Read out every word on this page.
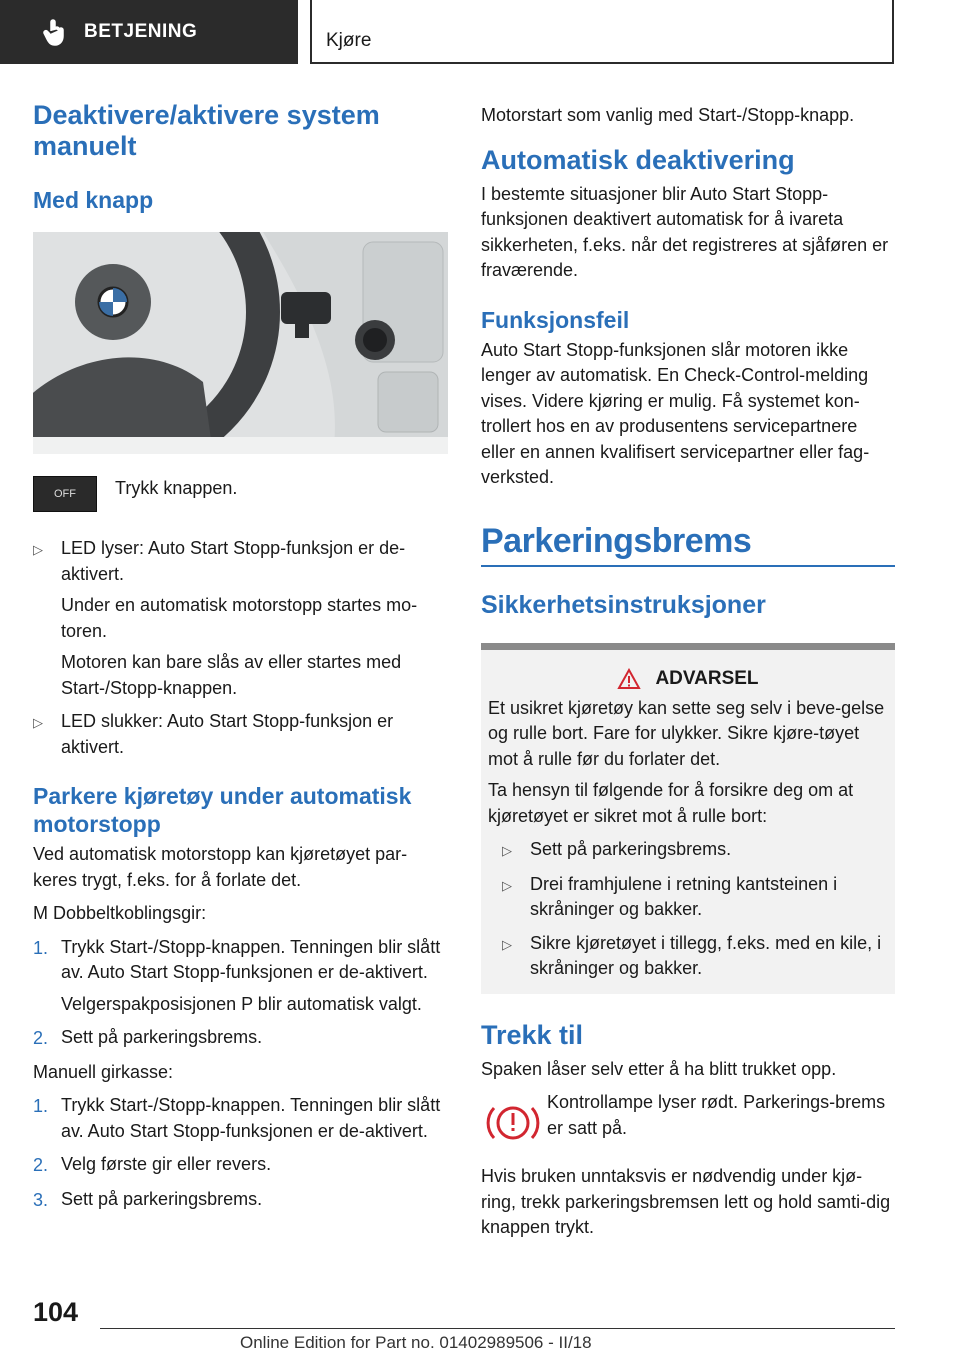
BETJENING	Kjøre
Deaktivere/aktivere system manuelt
Med knapp
OFF Trykk knappen.

▷	LED lyser: Auto Start Stopp-funksjon er de-aktivert.

Under en automatisk motorstopp startes mo-toren.

Motoren kan bare slås av eller startes med Start-/Stopp-knappen.

▷	LED slukker: Auto Start Stopp-funksjon er aktivert.
Parkere kjøretøy under automatisk motorstopp

Ved automatisk motorstopp kan kjøretøyet par-keres trygt, f.eks. for å forlate det.

M Dobbeltkoblingsgir:

1. Trykk Start-/Stopp-knappen. Tenningen blir slått av. Auto Start Stopp-funksjonen er de-aktivert.

Velgerspakposisjonen P blir automatisk valgt.

2. Sett på parkeringsbrems.

Manuell girkasse:

1. Trykk Start-/Stopp-knappen. Tenningen blir slått av. Auto Start Stopp-funksjonen er de-aktivert.
2. Velg første gir eller revers.
3. Sett på parkeringsbrems.

Motorstart som vanlig med Start-/Stopp-knapp.

Automatisk deaktivering

I bestemte situasjoner blir Auto Start Stopp-funksjonen deaktivert automatisk for å ivareta sikkerheten, f.eks. når det registreres at sjåføren er fraværende.

Funksjonsfeil

Auto Start Stopp-funksjonen slår motoren ikke lenger av automatisk. En Check-Control-melding vises. Videre kjøring er mulig. Få systemet kon-trollert hos en av produsentens servicepartnere eller en annen kvalifisert servicepartner eller fag-verksted.

Parkeringsbrems
Sikkerhetsinstruksjoner
ADVARSEL

Et usikret kjøretøy kan sette seg selv i beve-gelse og rulle bort. Fare for ulykker. Sikre kjøre-tøyet mot å rulle før du forlater det.

Ta hensyn til følgende for å forsikre deg om at kjøretøyet er sikret mot å rulle bort:

▷	Sett på parkeringsbrems.
▷	Drei framhjulene i retning kantsteinen i skråninger og bakker.
▷	Sikre kjøretøyet i tillegg, f.eks. med en kile, i skråninger og bakker.
Trekk til

Spaken låser selv etter å ha blitt trukket opp.

Kontrollampe lyser rødt. Parkerings-brems er satt på.

Hvis bruken unntaksvis er nødvendig under kjø-ring, trekk parkeringsbremsen lett og hold samti-dig knappen trykt.

104
Online Edition for Part no. 01402989506 - II/18
